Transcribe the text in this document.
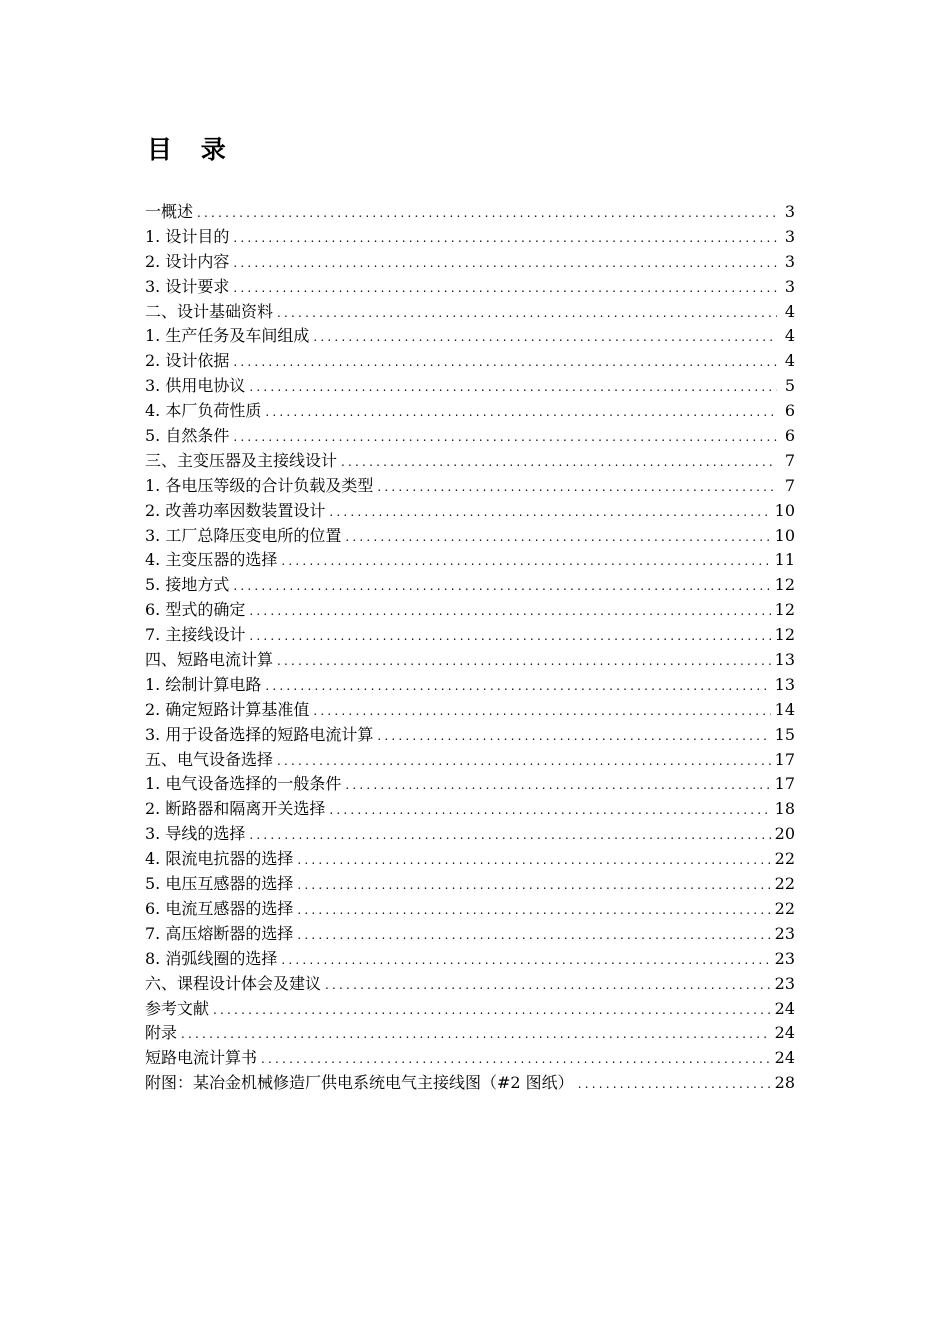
目 录
一概述 .....	3
1. 设计目的 .....	3
2. 设计内容 .....	3
3. 设计要求 .....	3
二、设计基础资料 .....	4
1. 生产任务及车间组成 .....	4
2. 设计依据 .....	4
3. 供用电协议 .....	5
4. 本厂负荷性质 .....	6
5. 自然条件 .....	6
三、主变压器及主接线设计 .....	7
1. 各电压等级的合计负载及类型 .....	7
2. 改善功率因数装置设计 .....	10
3. 工厂总降压变电所的位置 .....	10
4. 主变压器的选择 .....	11
5. 接地方式 .....	12
6. 型式的确定 .....	12
7. 主接线设计 .....	12
四、短路电流计算 .....	13
1. 绘制计算电路 .....	13
2. 确定短路计算基准值 .....	14
3. 用于设备选择的短路电流计算 .....	15
五、电气设备选择 .....	17
1. 电气设备选择的一般条件 .....	17
2. 断路器和隔离开关选择 .....	18
3. 导线的选择 .....	20
4. 限流电抗器的选择 .....	22
5. 电压互感器的选择 .....	22
6. 电流互感器的选择 .....	22
7. 高压熔断器的选择 .....	23
8. 消弧线圈的选择 .....	23
六、课程设计体会及建议 .....	23
参考文献 .....	24
附录 .....	24
短路电流计算书 .....	24
附图：某冶金机械修造厂供电系统电气主接线图（#2 图纸） .....	28
